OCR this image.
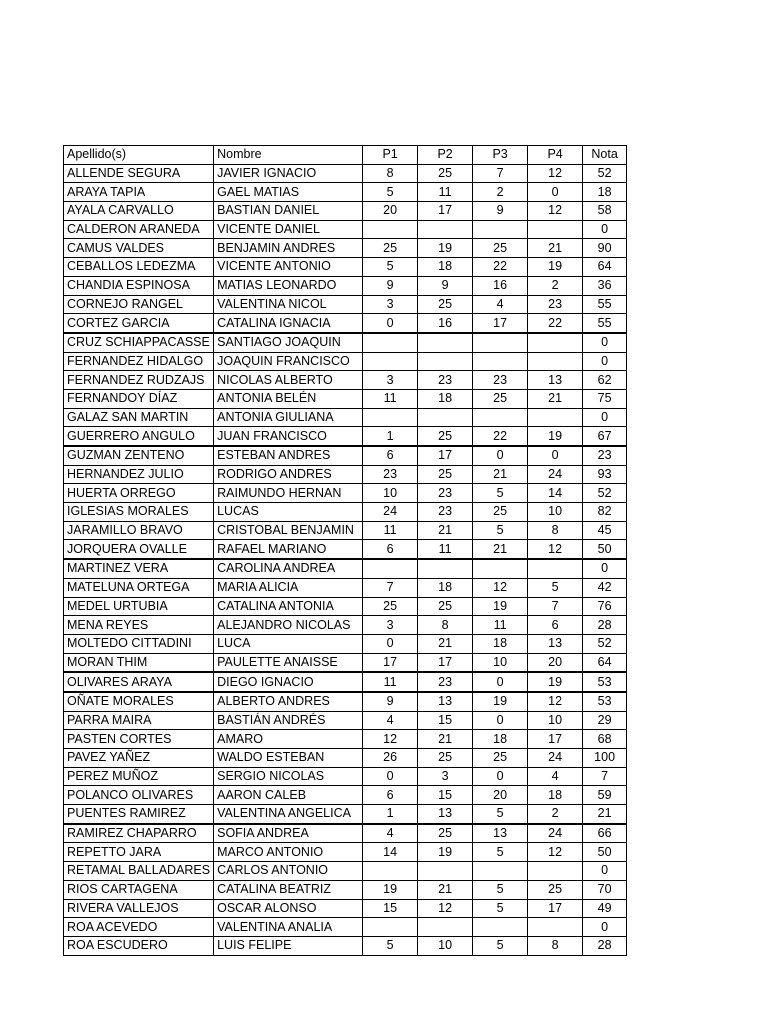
Apellido(s)	Nombre	P1	P2	P3	P4	Nota
ALLENDE SEGURA	JAVIER IGNACIO	8	25	7	12	52
ARAYA TAPIA	GAEL MATIAS	5	11	2	0	18
AYALA CARVALLO	BASTIAN DANIEL	20	17	9	12	58
CALDERON ARANEDA	VICENTE DANIEL					0
CAMUS VALDES	BENJAMIN ANDRES	25	19	25	21	90
CEBALLOS LEDEZMA	VICENTE ANTONIO	5	18	22	19	64
CHANDIA ESPINOSA	MATIAS LEONARDO	9	9	16	2	36
CORNEJO RANGEL	VALENTINA NICOL	3	25	4	23	55
CORTEZ GARCIA	CATALINA IGNACIA	0	16	17	22	55
CRUZ SCHIAPPACASSE	SANTIAGO JOAQUIN					0
FERNANDEZ HIDALGO	JOAQUIN FRANCISCO					0
FERNANDEZ RUDZAJS	NICOLAS ALBERTO	3	23	23	13	62
FERNANDOY DÍAZ	ANTONIA BELÉN	11	18	25	21	75
GALAZ SAN MARTIN	ANTONIA GIULIANA					0
GUERRERO ANGULO	JUAN FRANCISCO	1	25	22	19	67
GUZMAN ZENTENO	ESTEBAN ANDRES	6	17	0	0	23
HERNANDEZ JULIO	RODRIGO ANDRES	23	25	21	24	93
HUERTA ORREGO	RAIMUNDO HERNAN	10	23	5	14	52
IGLESIAS MORALES	LUCAS	24	23	25	10	82
JARAMILLO BRAVO	CRISTOBAL BENJAMIN	11	21	5	8	45
JORQUERA OVALLE	RAFAEL MARIANO	6	11	21	12	50
MARTINEZ VERA	CAROLINA ANDREA					0
MATELUNA ORTEGA	MARIA ALICIA	7	18	12	5	42
MEDEL URTUBIA	CATALINA ANTONIA	25	25	19	7	76
MENA REYES	ALEJANDRO NICOLAS	3	8	11	6	28
MOLTEDO CITTADINI	LUCA	0	21	18	13	52
MORAN THIM	PAULETTE ANAISSE	17	17	10	20	64
OLIVARES ARAYA	DIEGO IGNACIO	11	23	0	19	53
OÑATE MORALES	ALBERTO ANDRES	9	13	19	12	53
PARRA MAIRA	BASTIÁN ANDRÉS	4	15	0	10	29
PASTEN CORTES	AMARO	12	21	18	17	68
PAVEZ YAÑEZ	WALDO ESTEBAN	26	25	25	24	100
PEREZ MUÑOZ	SERGIO NICOLAS	0	3	0	4	7
POLANCO OLIVARES	AARON CALEB	6	15	20	18	59
PUENTES RAMIREZ	VALENTINA ANGELICA	1	13	5	2	21
RAMIREZ CHAPARRO	SOFIA ANDREA	4	25	13	24	66
REPETTO JARA	MARCO ANTONIO	14	19	5	12	50
RETAMAL BALLADARES	CARLOS ANTONIO					0
RIOS CARTAGENA	CATALINA BEATRIZ	19	21	5	25	70
RIVERA VALLEJOS	OSCAR ALONSO	15	12	5	17	49
ROA ACEVEDO	VALENTINA ANALIA					0
ROA ESCUDERO	LUIS FELIPE	5	10	5	8	28
